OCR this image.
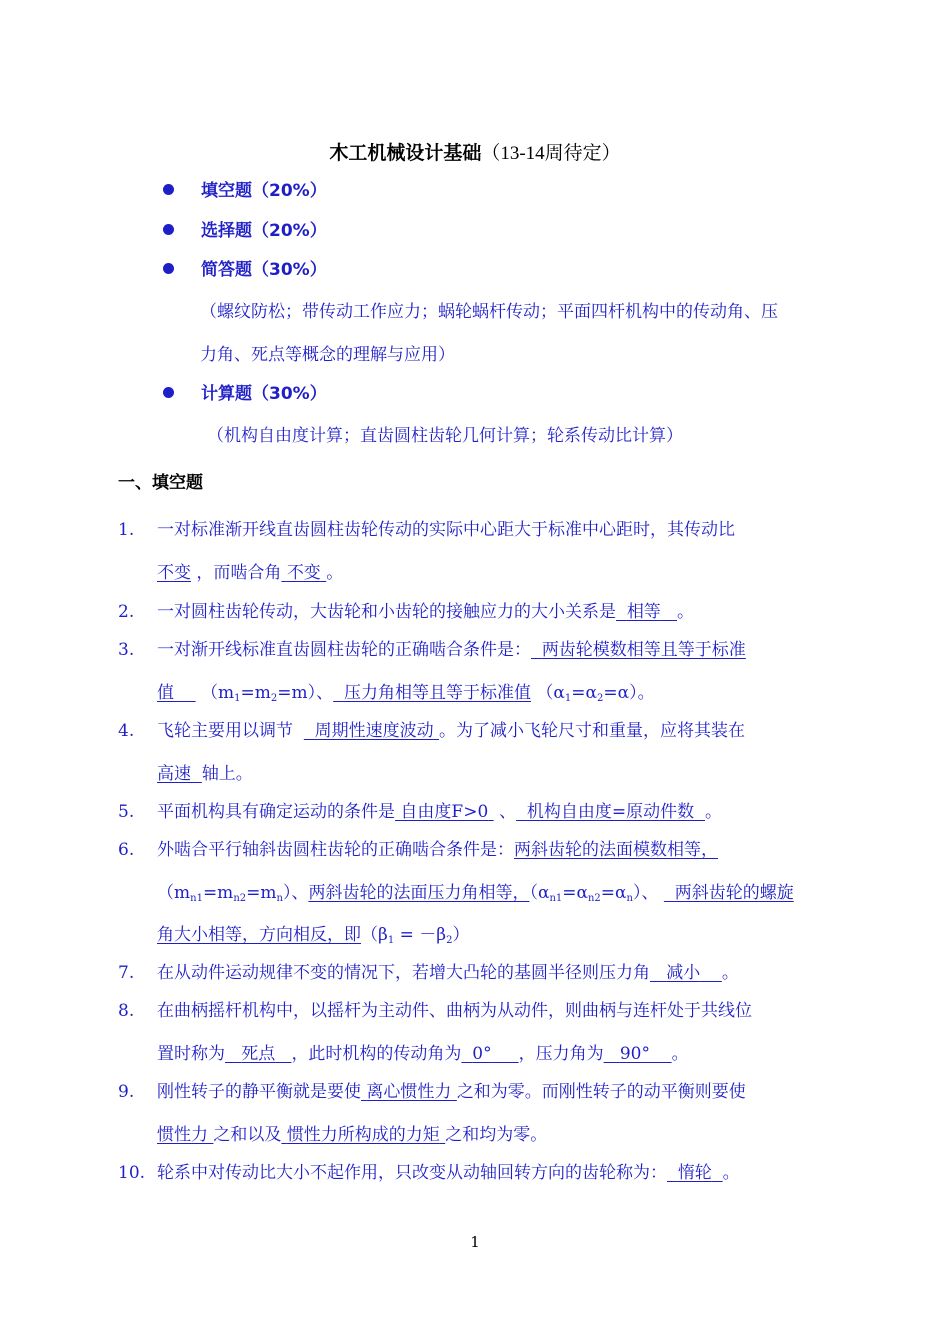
木工机械设计基础（13-14周待定）
填空题（20%）
选择题（20%）
简答题（30%）
（螺纹防松；带传动工作应力；蜗轮蜗杆传动；平面四杆机构中的传动角、压
力角、死点等概念的理解与应用）
计算题（30%）
（机构自由度计算；直齿圆柱齿轮几何计算；轮系传动比计算）
一、填空题
1. 一对标准渐开线直齿圆柱齿轮传动的实际中心距大于标准中心距时，其传动比
不变 ，而啮合角 不变 。
2. 一对圆柱齿轮传动，大齿轮和小齿轮的接触应力的大小关系是 相等 。
3. 一对渐开线标准直齿圆柱齿轮的正确啮合条件是： 两齿轮模数相等且等于标准
值 （m1=m2=m）、 压力角相等且等于标准值 （α1=α2=α）。
4. 飞轮主要用以调节 周期性速度波动 。为了减小飞轮尺寸和重量，应将其装在
高速 轴上。
5. 平面机构具有确定运动的条件是 自由度F>0 、 机构自由度=原动件数 。
6. 外啮合平行轴斜齿圆柱齿轮的正确啮合条件是：两斜齿轮的法面模数相等，
（mn1=mn2=mn）、两斜齿轮的法面压力角相等，（αn1=αn2=αn）、 两斜齿轮的螺旋
角大小相等，方向相反，即（β1 = －β2）
7. 在从动件运动规律不变的情况下，若增大凸轮的基圆半径则压力角 减小 。
8. 在曲柄摇杆机构中，以摇杆为主动件、曲柄为从动件，则曲柄与连杆处于共线位
置时称为 死点 ，此时机构的传动角为 0° ，压力角为 90° 。
9. 刚性转子的静平衡就是要使 离心惯性力 之和为零。而刚性转子的动平衡则要使
惯性力 之和以及 惯性力所构成的力矩 之和均为零。
10. 轮系中对传动比大小不起作用，只改变从动轴回转方向的齿轮称为： 惰轮 。
1
